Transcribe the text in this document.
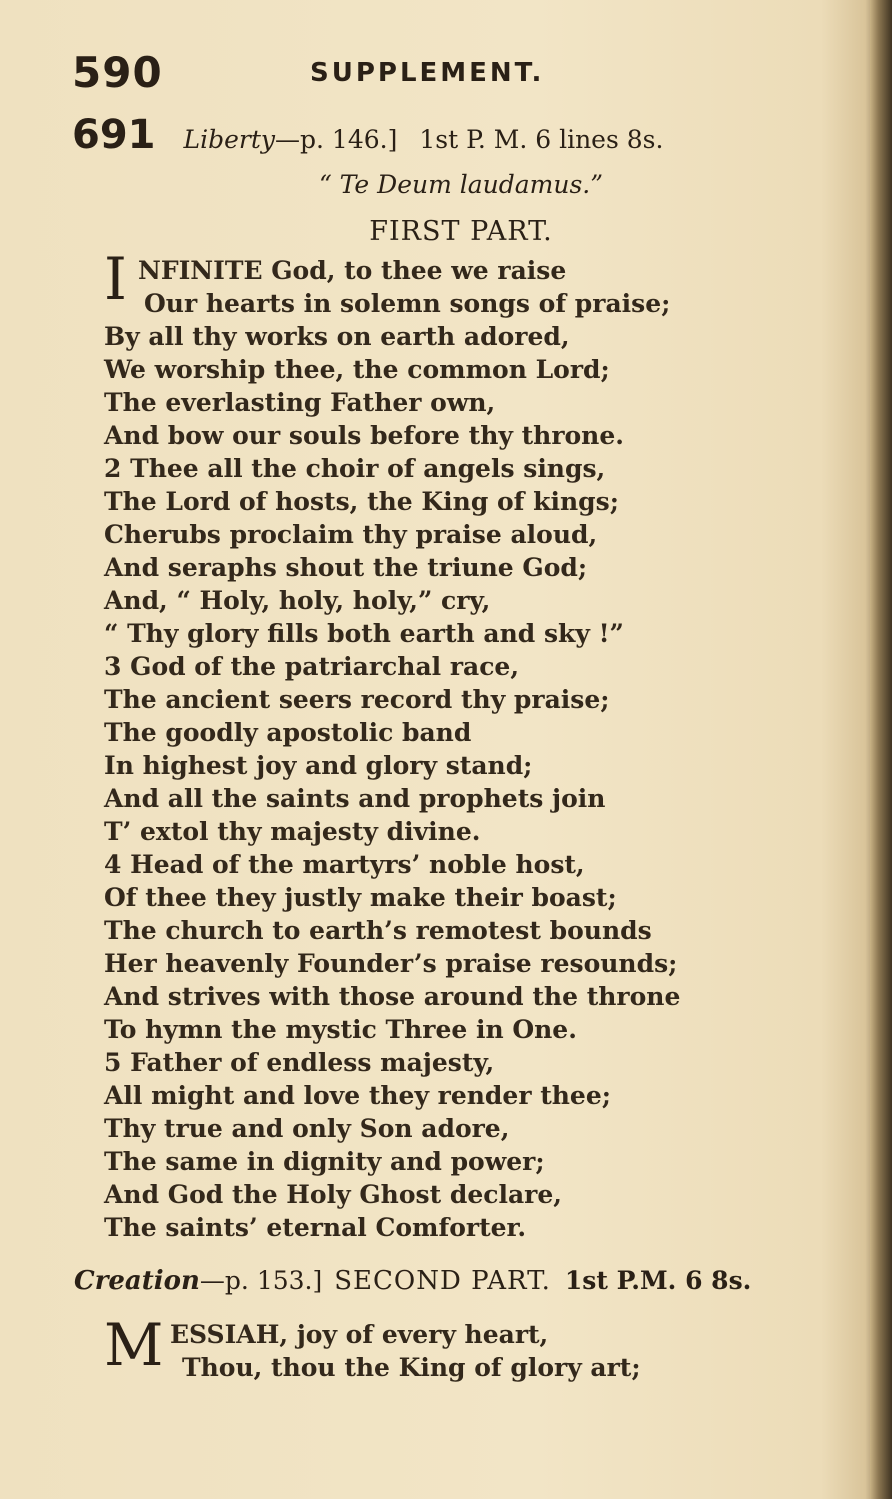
590	SUPPLEMENT.
691 Liberty—p. 146.] 1st P. M. 6 lines 8s.
“ Te Deum laudamus.”
FIRST PART.
I NFINITE God, to thee we raise
Our hearts in solemn songs of praise;
By all thy works on earth adored,
We worship thee, the common Lord;
The everlasting Father own,
And bow our souls before thy throne.
2 Thee all the choir of angels sings,
The Lord of hosts, the King of kings;
Cherubs proclaim thy praise aloud,
And seraphs shout the triune God;
And, “ Holy, holy, holy,” cry,
“ Thy glory fills both earth and sky !”
3 God of the patriarchal race,
The ancient seers record thy praise;
The goodly apostolic band
In highest joy and glory stand;
And all the saints and prophets join
T’ extol thy majesty divine.
4 Head of the martyrs’ noble host,
Of thee they justly make their boast;
The church to earth’s remotest bounds
Her heavenly Founder’s praise resounds;
And strives with those around the throne
To hymn the mystic Three in One.
5 Father of endless majesty,
All might and love they render thee;
Thy true and only Son adore,
The same in dignity and power;
And God the Holy Ghost declare,
The saints’ eternal Comforter.
Creation—p. 153.] SECOND PART. 1st P.M. 6 8s.
M ESSIAH, joy of every heart,
Thou, thou the King of glory art;
